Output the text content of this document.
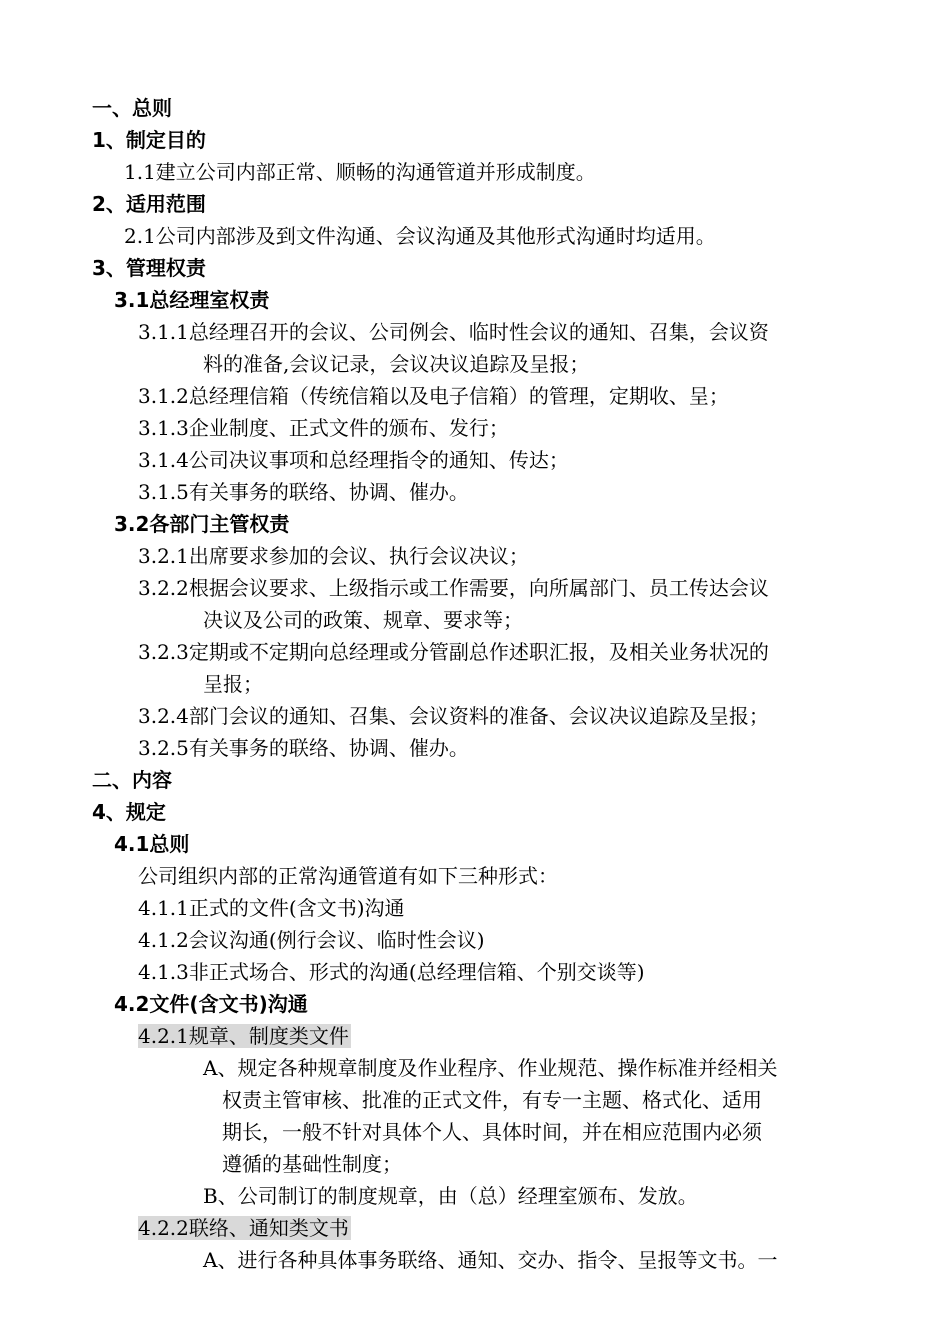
一、总则
1、制定目的
1.1建立公司内部正常、顺畅的沟通管道并形成制度。
2、适用范围
2.1公司内部涉及到文件沟通、会议沟通及其他形式沟通时均适用。
3、管理权责
3.1总经理室权责
3.1.1总经理召开的会议、公司例会、临时性会议的通知、召集，会议资
料的准备,会议记录，会议决议追踪及呈报；
3.1.2总经理信箱（传统信箱以及电子信箱）的管理，定期收、呈；
3.1.3企业制度、正式文件的颁布、发行；
3.1.4公司决议事项和总经理指令的通知、传达；
3.1.5有关事务的联络、协调、催办。
3.2各部门主管权责
3.2.1出席要求参加的会议、执行会议决议；
3.2.2根据会议要求、上级指示或工作需要，向所属部门、员工传达会议
决议及公司的政策、规章、要求等；
3.2.3定期或不定期向总经理或分管副总作述职汇报，及相关业务状况的
呈报；
3.2.4部门会议的通知、召集、会议资料的准备、会议决议追踪及呈报；
3.2.5有关事务的联络、协调、催办。
二、内容
4、规定
4.1总则
公司组织内部的正常沟通管道有如下三种形式：
4.1.1正式的文件(含文书)沟通
4.1.2会议沟通(例行会议、临时性会议)
4.1.3非正式场合、形式的沟通(总经理信箱、个别交谈等)
4.2文件(含文书)沟通
4.2.1规章、制度类文件
A、规定各种规章制度及作业程序、作业规范、操作标准并经相关
权责主管审核、批准的正式文件，有专一主题、格式化、适用
期长，一般不针对具体个人、具体时间，并在相应范围内必须
遵循的基础性制度；
B、公司制订的制度规章，由（总）经理室颁布、发放。
4.2.2联络、通知类文书
A、进行各种具体事务联络、通知、交办、指令、呈报等文书。一
